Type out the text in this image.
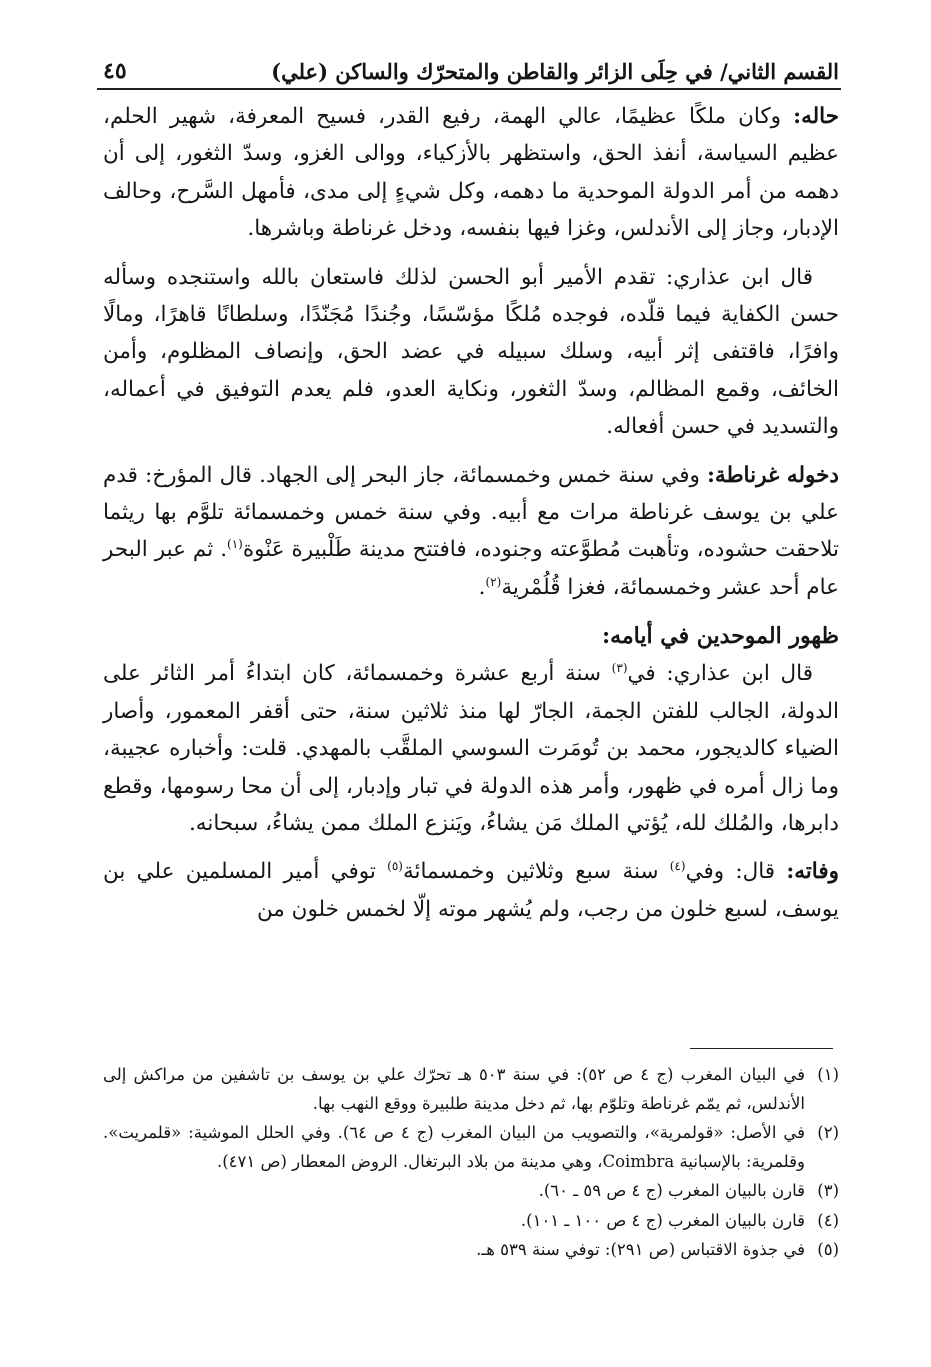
القسم الثاني/ في حِلَى الزائر والقاطن والمتحرّك والساكن (علي)
٤٥

حاله: وكان ملكًا عظيمًا، عالي الهمة، رفيع القدر، فسيح المعرفة، شهير الحلم، عظيم السياسة، أنفذ الحق، واستظهر بالأزكياء، ووالى الغزو، وسدّ الثغور، إلى أن دهمه من أمر الدولة الموحدية ما دهمه، وكل شيءٍ إلى مدى، فأمهل السَّرح، وحالف الإدبار، وجاز إلى الأندلس، وغزا فيها بنفسه، ودخل غرناطة وباشرها.

قال ابن عذاري: تقدم الأمير أبو الحسن لذلك فاستعان بالله واستنجده وسأله حسن الكفاية فيما قلّده، فوجده مُلكًا مؤسّسًا، وجُندًا مُجَنّدًا، وسلطانًا قاهرًا، ومالًا وافرًا، فاقتفى إثر أبيه، وسلك سبيله في عضد الحق، وإنصاف المظلوم، وأمن الخائف، وقمع المظالم، وسدّ الثغور، ونكاية العدو، فلم يعدم التوفيق في أعماله، والتسديد في حسن أفعاله.

دخوله غرناطة: وفي سنة خمس وخمسمائة، جاز البحر إلى الجهاد. قال المؤرخ: قدم علي بن يوسف غرناطة مرات مع أبيه. وفي سنة خمس وخمسمائة تلوَّم بها ريثما تلاحقت حشوده، وتأهبت مُطوَّعته وجنوده، فافتتح مدينة طَلْبيرة عَنْوة$^{(١)}$. ثم عبر البحر عام أحد عشر وخمسمائة، فغزا قُلُمْرية$^{(٢)}$.

ظهور الموحدين في أيامه:

قال ابن عذاري: في$^{(٣)}$ سنة أربع عشرة وخمسمائة، كان ابتداءُ أمر الثائر على الدولة، الجالب للفتن الجمة، الجارّ لها منذ ثلاثين سنة، حتى أقفر المعمور، وأصار الضياء كالديجور، محمد بن تُومَرت السوسي الملقَّب بالمهدي. قلت: وأخباره عجيبة، وما زال أمره في ظهور، وأمر هذه الدولة في تبار وإدبار، إلى أن محا رسومها، وقطع دابرها، والمُلك لله، يُؤتي الملك مَن يشاءُ، ويَنزع الملك ممن يشاءُ، سبحانه.

وفاته: قال: وفي$^{(٤)}$ سنة سبع وثلاثين وخمسمائة$^{(٥)}$ توفي أمير المسلمين علي بن يوسف، لسبع خلون من رجب، ولم يُشهر موته إلّا لخمس خلون من

(١)
في البيان المغرب (ج ٤ ص ٥٢): في سنة ٥٠٣ هـ تحرّك علي بن يوسف بن تاشفين من مراكش إلى الأندلس، ثم يمّم غرناطة وتلوّم بها، ثم دخل مدينة طلبيرة ووقع النهب بها.
(٢)
في الأصل: «قولمرية»، والتصويب من البيان المغرب (ج ٤ ص ٦٤). وفي الحلل الموشية: «قلمريت». وقلمرية: بالإسبانية Coimbra، وهي مدينة من بلاد البرتغال. الروض المعطار (ص ٤٧١).
(٣)
قارن بالبيان المغرب (ج ٤ ص ٥٩ ـ ٦٠).
(٤)
قارن بالبيان المغرب (ج ٤ ص ١٠٠ ـ ١٠١).
(٥)
في جذوة الاقتباس (ص ٢٩١): توفي سنة ٥٣٩ هـ.
